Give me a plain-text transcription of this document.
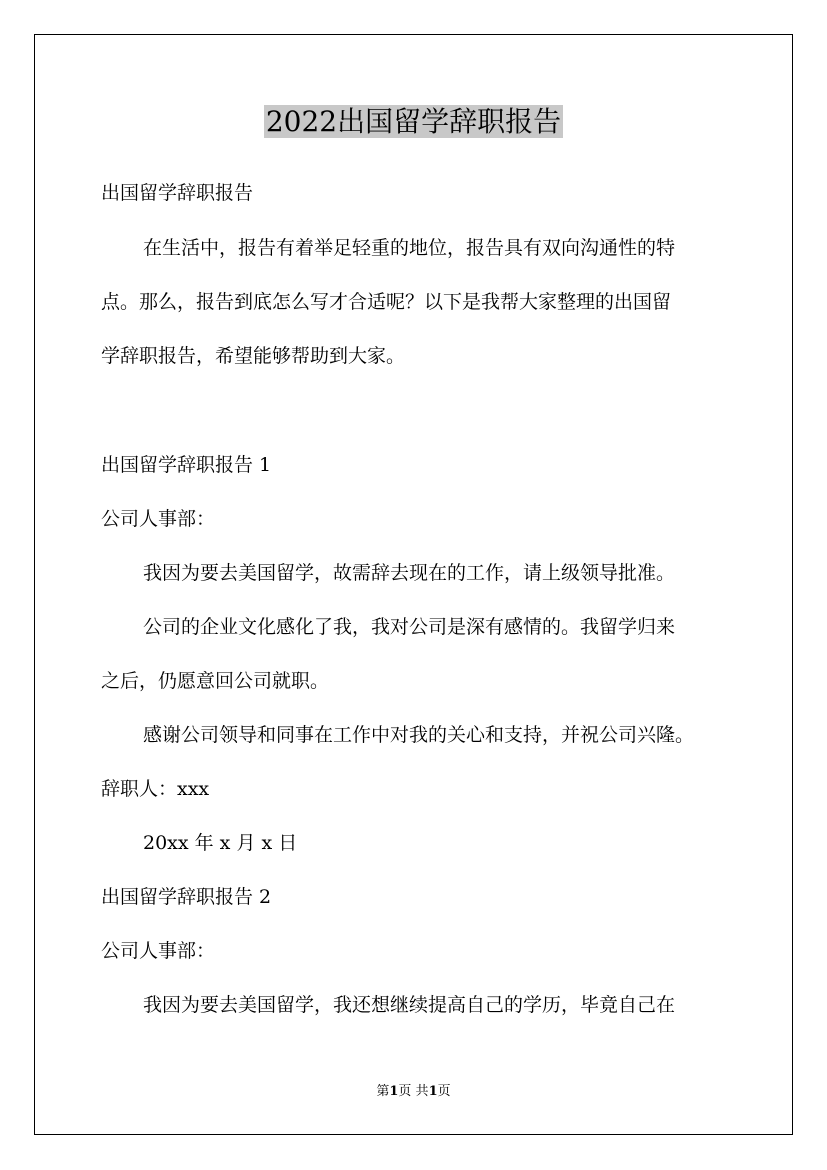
2022出国留学辞职报告

出国留学辞职报告

在生活中，报告有着举足轻重的地位，报告具有双向沟通性的特

点。那么，报告到底怎么写才合适呢？以下是我帮大家整理的出国留

学辞职报告，希望能够帮助到大家。

出国留学辞职报告 1

公司人事部：

我因为要去美国留学，故需辞去现在的工作，请上级领导批准。

公司的企业文化感化了我，我对公司是深有感情的。我留学归来

之后，仍愿意回公司就职。

感谢公司领导和同事在工作中对我的关心和支持，并祝公司兴隆。

辞职人：xxx

20xx 年 x 月 x 日

出国留学辞职报告 2

公司人事部：

我因为要去美国留学，我还想继续提高自己的学历，毕竟自己在

第1页 共1页
